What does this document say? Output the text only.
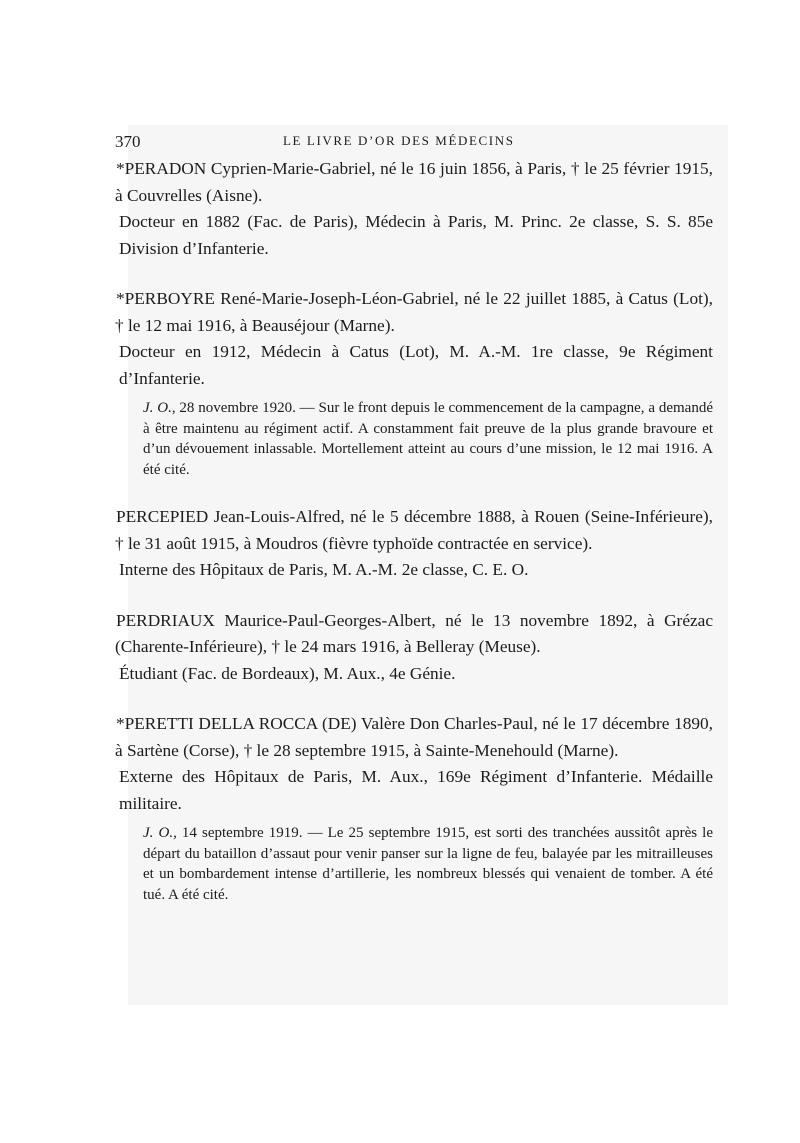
370	LE LIVRE D’OR DES MÉDECINS

*PERADON Cyprien-Marie-Gabriel, né le 16 juin 1856, à Paris, † le 25 février 1915, à Couvrelles (Aisne).

Docteur en 1882 (Fac. de Paris), Médecin à Paris, M. Princ. 2e classe, S. S. 85e Division d’Infanterie.

*PERBOYRE René-Marie-Joseph-Léon-Gabriel, né le 22 juillet 1885, à Catus (Lot), † le 12 mai 1916, à Beauséjour (Marne).

Docteur en 1912, Médecin à Catus (Lot), M. A.-M. 1re classe, 9e Régiment d’Infanterie.

J. O., 28 novembre 1920. — Sur le front depuis le commencement de la campagne, a demandé à être maintenu au régiment actif. A constamment fait preuve de la plus grande bravoure et d’un dévouement inlassable. Mortellement atteint au cours d’une mission, le 12 mai 1916. A été cité.

PERCEPIED Jean-Louis-Alfred, né le 5 décembre 1888, à Rouen (Seine-Inférieure), † le 31 août 1915, à Moudros (fièvre typhoïde contractée en service).

Interne des Hôpitaux de Paris, M. A.-M. 2e classe, C. E. O.

PERDRIAUX Maurice-Paul-Georges-Albert, né le 13 novembre 1892, à Grézac (Charente-Inférieure), † le 24 mars 1916, à Belleray (Meuse).

Étudiant (Fac. de Bordeaux), M. Aux., 4e Génie.

*PERETTI DELLA ROCCA (DE) Valère Don Charles-Paul, né le 17 décembre 1890, à Sartène (Corse), † le 28 septembre 1915, à Sainte-Menehould (Marne).

Externe des Hôpitaux de Paris, M. Aux., 169e Régiment d’Infanterie. Médaille militaire.

J. O., 14 septembre 1919. — Le 25 septembre 1915, est sorti des tranchées aussitôt après le départ du bataillon d’assaut pour venir panser sur la ligne de feu, balayée par les mitrailleuses et un bombardement intense d’artillerie, les nombreux blessés qui venaient de tomber. A été tué. A été cité.
